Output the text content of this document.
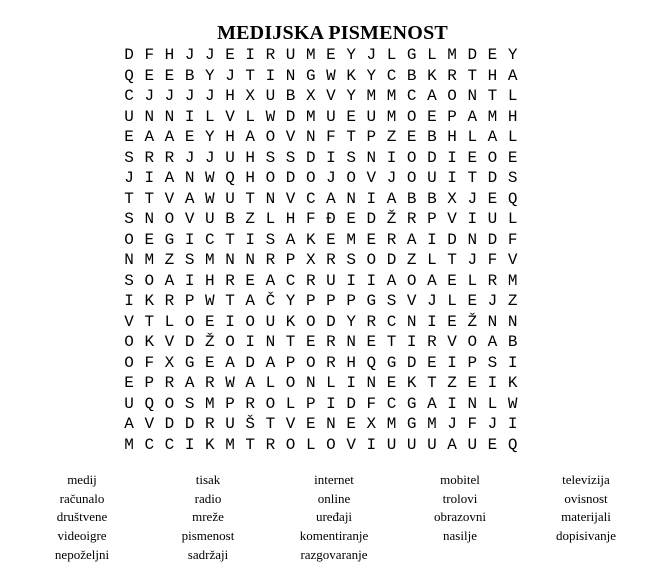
MEDIJSKA PISMENOST
D F H J J E I R U M E Y J L G L M D E Y
Q E E B Y J T I N G W K Y C B K R T H A
C J J J J H X U B X V Y M M C A O N T L
U N N I L V L W D M U E U M O E P A M H
E A A E Y H A O V N F T P Z E B H L A L
S R R J J U H S S D I S N I O D I E O E
J I A N W Q H O D O J O V J O U I T D S
T T V A W U T N V C A N I A B B X J E Q
S N O V U B Z L H F Đ E D Ž R P V I U L
O E G I C T I S A K E M E R A I D N D F
N M Z S M N N R P X R S O D Z L T J F V
S O A I H R E A C R U I I A O A E L R M
I K R P W T A Č Y P P P G S V J L E J Z
V T L O E I O U K O D Y R C N I E Ž N N
O K V D Ž O I N T E R N E T I R V O A B
O F X G E A D A P O R H Q G D E I P S I
E P R A R W A L O N L I N E K T Z E I K
U Q O S M P R O L P I D F C G A I N L W
A V D D R U Š T V E N E X M G M J F J I
M C C I K M T R O L O V I U U U A U E Q
medij	tisak	internet	mobitel	televizija
računalo	radio	online	trolovi	ovisnost
društvene	mreže	uređaji	obrazovni	materijali
videoigre	pismenost	komentiranje	nasilje	dopisivanje
nepoželjni	sadržaji	razgovaranje
